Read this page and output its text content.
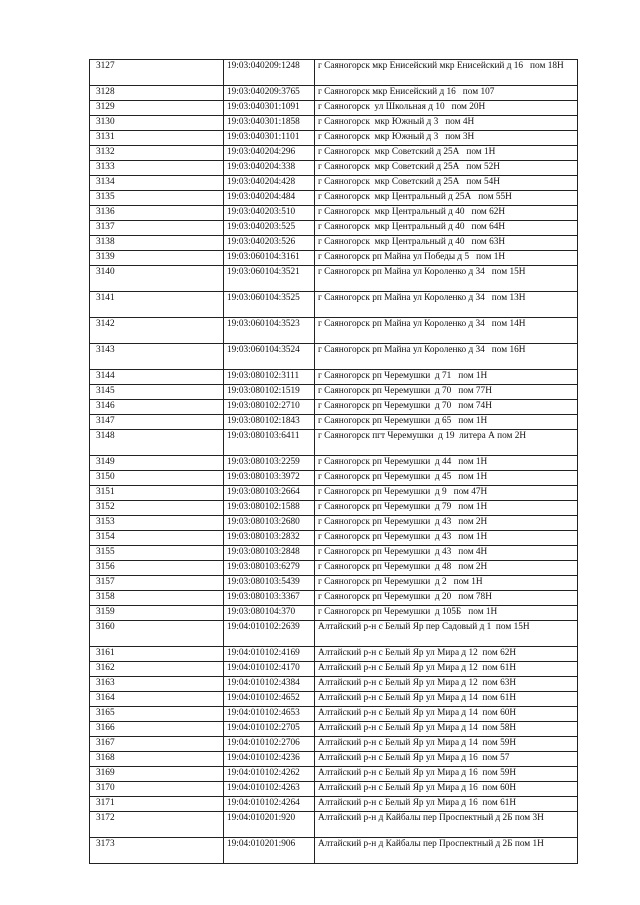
3127	19:03:040209:1248	г Саяногорск мкр Енисейский мкр Енисейский д 16   пом 18Н
3128	19:03:040209:3765	г Саяногорск мкр Енисейский д 16   пом 107
3129	19:03:040301:1091	г Саяногорск  ул Школьная д 10   пом 20Н
3130	19:03:040301:1858	г Саяногорск  мкр Южный д 3   пом 4Н
3131	19:03:040301:1101	г Саяногорск  мкр Южный д 3   пом 3Н
3132	19:03:040204:296	г Саяногорск  мкр Советский д 25А   пом 1Н
3133	19:03:040204:338	г Саяногорск  мкр Советский д 25А   пом 52Н
3134	19:03:040204:428	г Саяногорск  мкр Советский д 25А   пом 54Н
3135	19:03:040204:484	г Саяногорск  мкр Центральный д 25А   пом 55Н
3136	19:03:040203:510	г Саяногорск  мкр Центральный д 40   пом 62Н
3137	19:03:040203:525	г Саяногорск  мкр Центральный д 40   пом 64Н
3138	19:03:040203:526	г Саяногорск  мкр Центральный д 40   пом 63Н
3139	19:03:060104:3161	г Саяногорск рп Майна ул Победы д 5   пом 1Н
3140	19:03:060104:3521	г Саяногорск рп Майна ул Короленко д 34   пом 15Н
3141	19:03:060104:3525	г Саяногорск рп Майна ул Короленко д 34   пом 13Н
3142	19:03:060104:3523	г Саяногорск рп Майна ул Короленко д 34   пом 14Н
3143	19:03:060104:3524	г Саяногорск рп Майна ул Короленко д 34   пом 16Н
3144	19:03:080102:3111	г Саяногорск рп Черемушки  д 71   пом 1Н
3145	19:03:080102:1519	г Саяногорск рп Черемушки  д 70   пом 77Н
3146	19:03:080102:2710	г Саяногорск рп Черемушки  д 70   пом 74Н
3147	19:03:080102:1843	г Саяногорск рп Черемушки  д 65   пом 1Н
3148	19:03:080103:6411	г Саяногорск пгт Черемушки  д 19  литера А пом 2Н
3149	19:03:080103:2259	г Саяногорск рп Черемушки  д 44   пом 1Н
3150	19:03:080103:3972	г Саяногорск рп Черемушки  д 45   пом 1Н
3151	19:03:080103:2664	г Саяногорск рп Черемушки  д 9   пом 47Н
3152	19:03:080102:1588	г Саяногорск рп Черемушки  д 79   пом 1Н
3153	19:03:080103:2680	г Саяногорск рп Черемушки  д 43   пом 2Н
3154	19:03:080103:2832	г Саяногорск рп Черемушки  д 43   пом 1Н
3155	19:03:080103:2848	г Саяногорск рп Черемушки  д 43   пом 4Н
3156	19:03:080103:6279	г Саяногорск рп Черемушки  д 48   пом 2Н
3157	19:03:080103:5439	г Саяногорск рп Черемушки  д 2   пом 1Н
3158	19:03:080103:3367	г Саяногорск рп Черемушки  д 20   пом 78Н
3159	19:03:080104:370	г Саяногорск рп Черемушки  д 105Б   пом 1Н
3160	19:04:010102:2639	Алтайский р-н с Белый Яр пер Садовый д 1  пом 15Н
3161	19:04:010102:4169	Алтайский р-н с Белый Яр ул Мира д 12  пом 62Н
3162	19:04:010102:4170	Алтайский р-н с Белый Яр ул Мира д 12  пом 61Н
3163	19:04:010102:4384	Алтайский р-н с Белый Яр ул Мира д 12  пом 63Н
3164	19:04:010102:4652	Алтайский р-н с Белый Яр ул Мира д 14  пом 61Н
3165	19:04:010102:4653	Алтайский р-н с Белый Яр ул Мира д 14  пом 60Н
3166	19:04:010102:2705	Алтайский р-н с Белый Яр ул Мира д 14  пом 58Н
3167	19:04:010102:2706	Алтайский р-н с Белый Яр ул Мира д 14  пом 59Н
3168	19:04:010102:4236	Алтайский р-н с Белый Яр ул Мира д 16  пом 57
3169	19:04:010102:4262	Алтайский р-н с Белый Яр ул Мира д 16  пом 59Н
3170	19:04:010102:4263	Алтайский р-н с Белый Яр ул Мира д 16  пом 60Н
3171	19:04:010102:4264	Алтайский р-н с Белый Яр ул Мира д 16  пом 61Н
3172	19:04:010201:920	Алтайский р-н д Кайбалы пер Проспектный д 2Б пом 3Н
3173	19:04:010201:906	Алтайский р-н д Кайбалы пер Проспектный д 2Б пом 1Н
